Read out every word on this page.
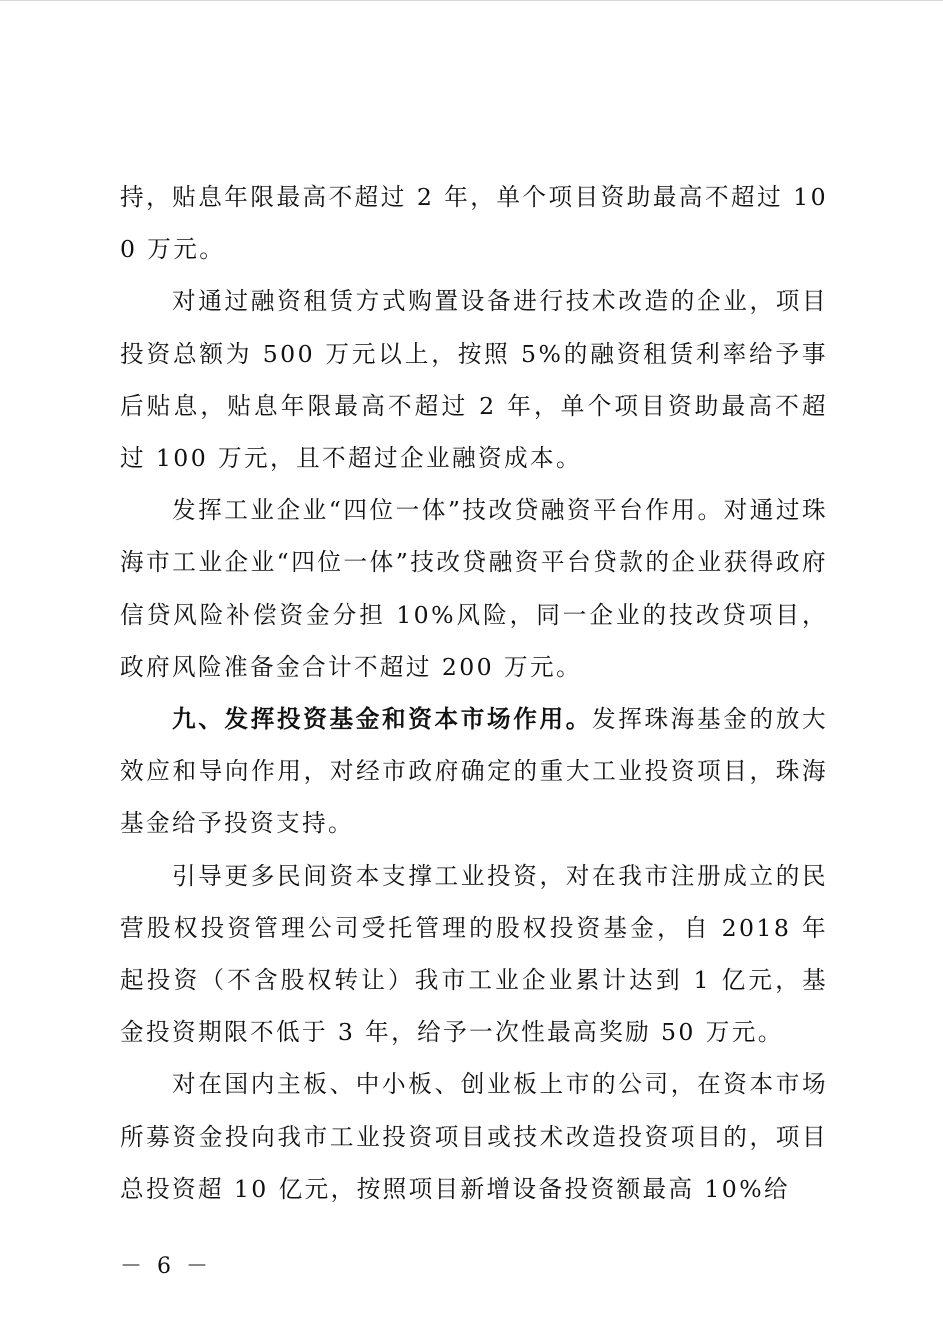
持，贴息年限最高不超过 2 年，单个项目资助最高不超过 100 万元。

对通过融资租赁方式购置设备进行技术改造的企业，项目投资总额为 500 万元以上，按照 5%的融资租赁利率给予事后贴息，贴息年限最高不超过 2 年，单个项目资助最高不超过 100 万元，且不超过企业融资成本。

发挥工业企业“四位一体”技改贷融资平台作用。对通过珠海市工业企业“四位一体”技改贷融资平台贷款的企业获得政府信贷风险补偿资金分担 10%风险，同一企业的技改贷项目，政府风险准备金合计不超过 200 万元。

九、发挥投资基金和资本市场作用。发挥珠海基金的放大效应和导向作用，对经市政府确定的重大工业投资项目，珠海基金给予投资支持。

引导更多民间资本支撑工业投资，对在我市注册成立的民营股权投资管理公司受托管理的股权投资基金，自 2018 年起投资（不含股权转让）我市工业企业累计达到 1 亿元，基金投资期限不低于 3 年，给予一次性最高奖励 50 万元。

对在国内主板、中小板、创业板上市的公司，在资本市场所募资金投向我市工业投资项目或技术改造投资项目的，项目总投资超 10 亿元，按照项目新增设备投资额最高 10%给

－ 6 －
